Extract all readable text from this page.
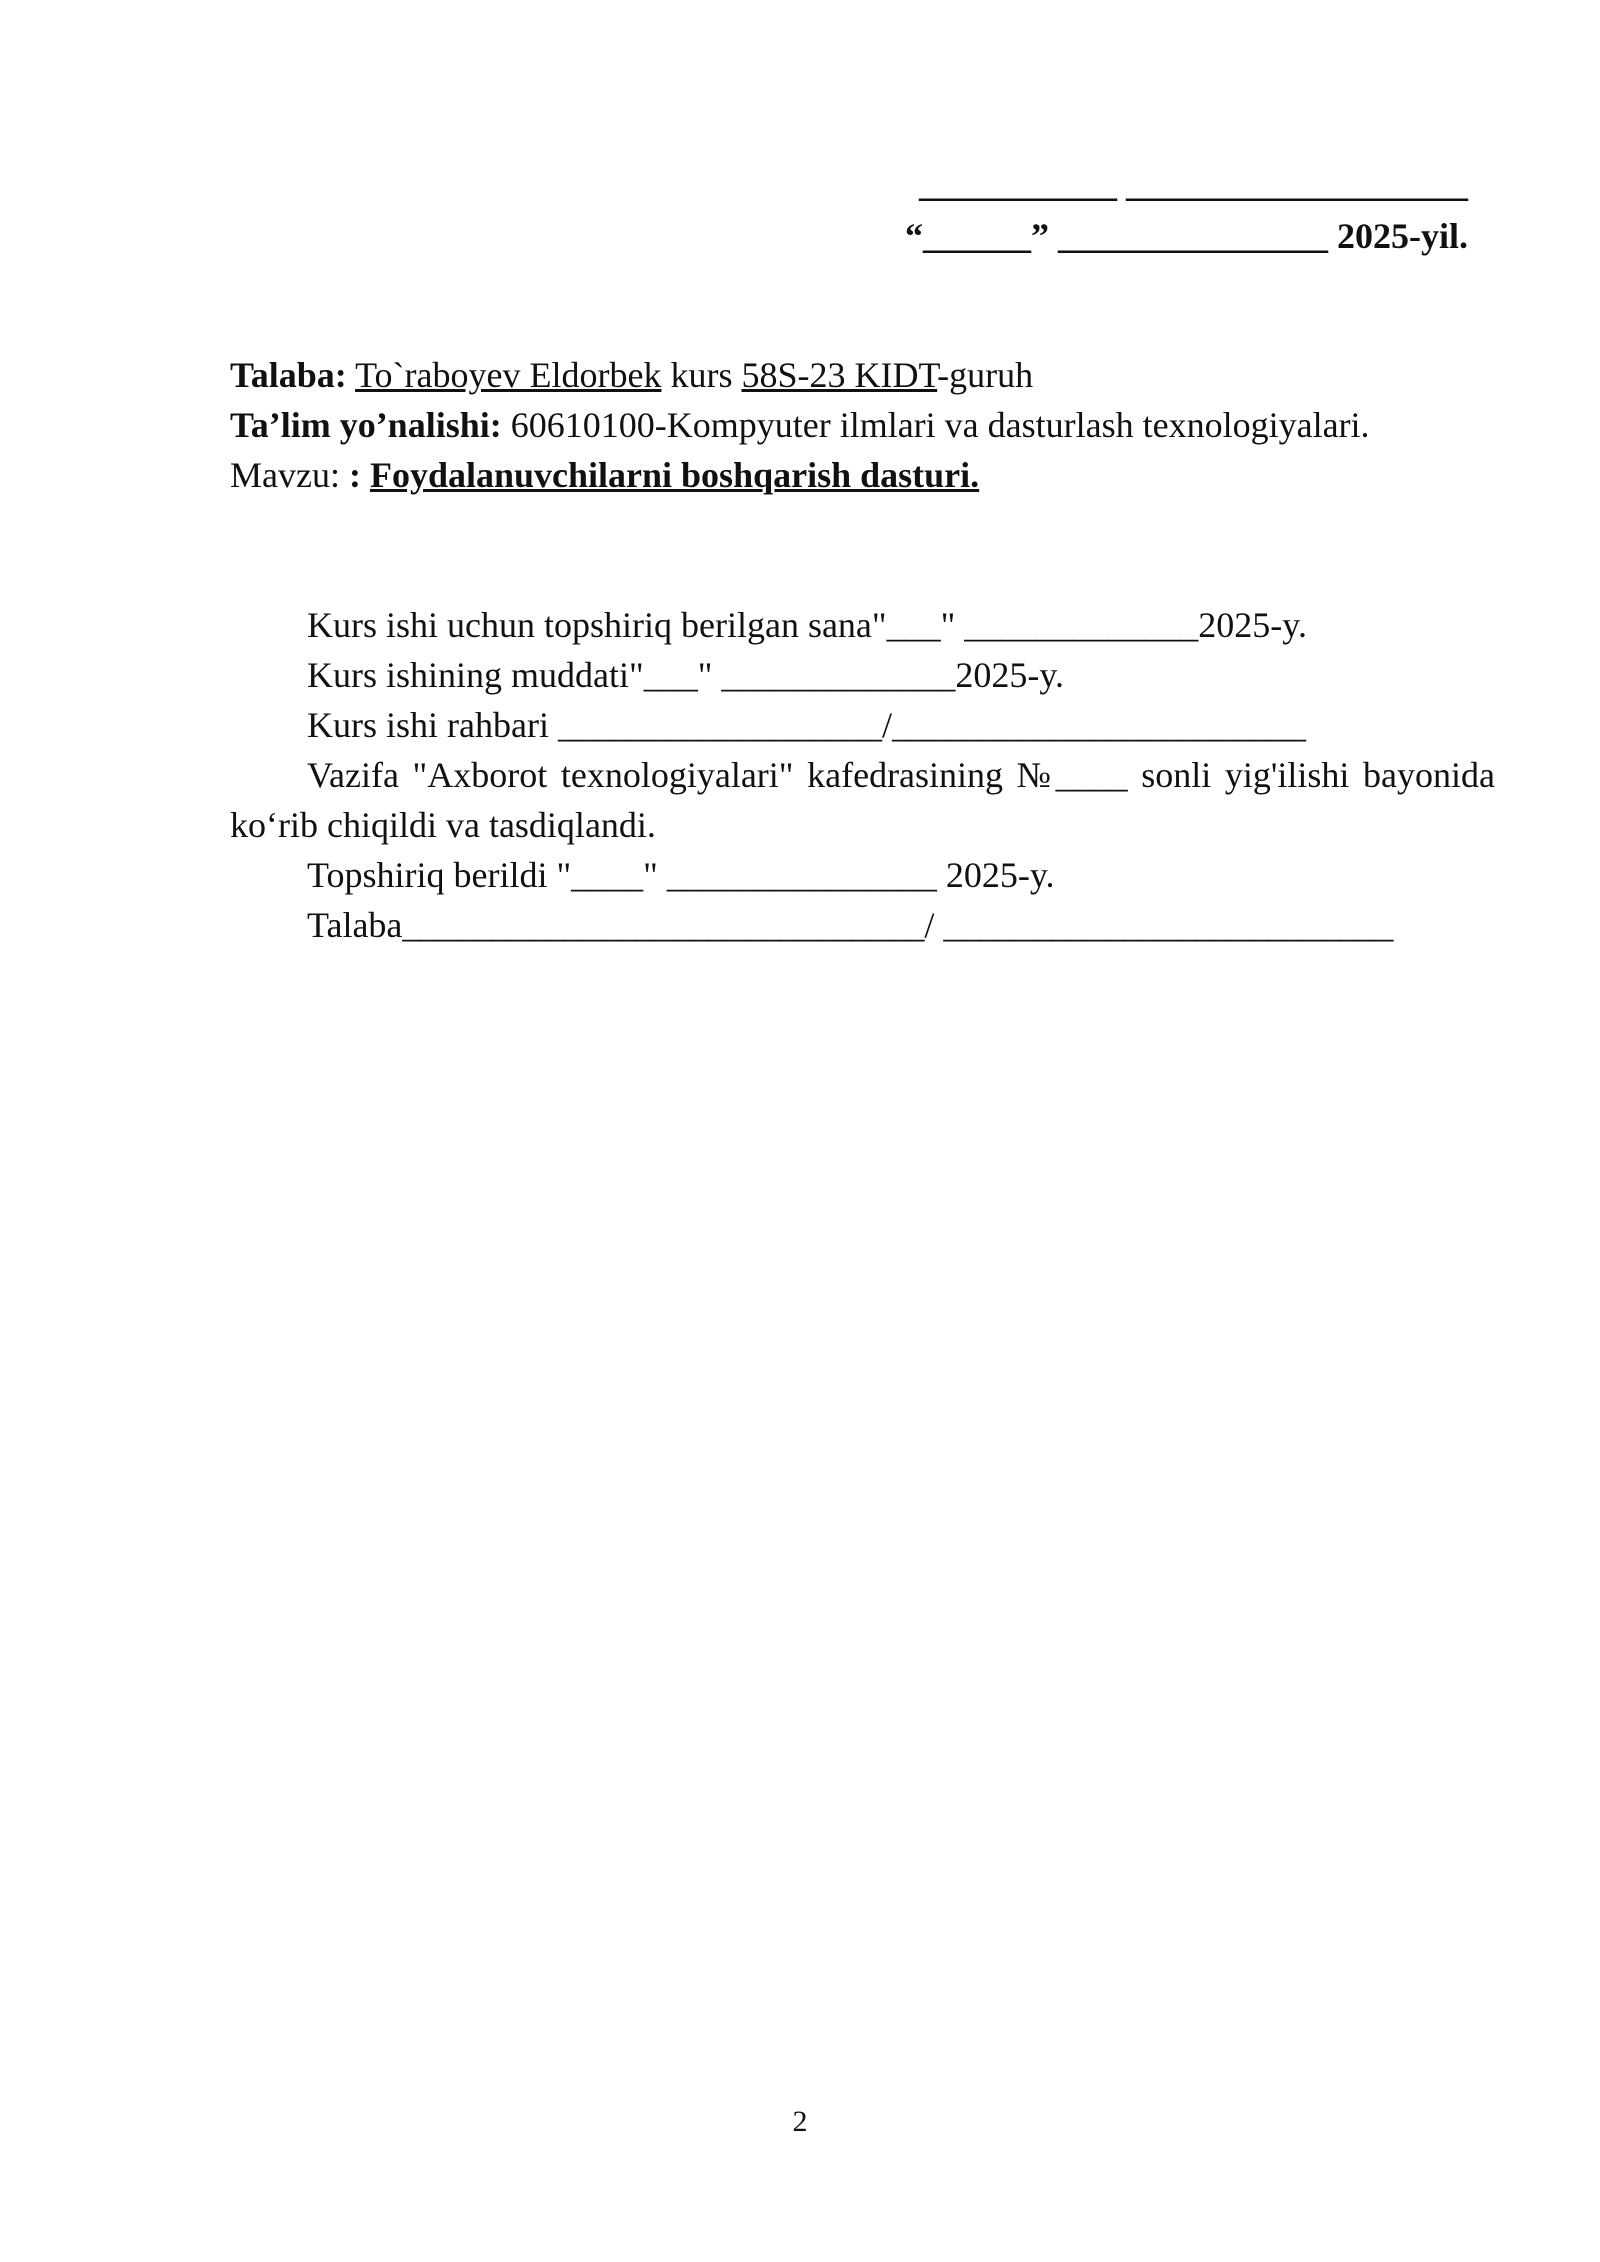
___________ ___________________
“______” _______________ 2025-yil.
Talaba: To`raboyev Eldorbek kurs 58S-23 KIDT-guruh
Ta’lim yo’nalishi: 60610100-Kompyuter ilmlari va dasturlash texnologiyalari.
Mavzu: : Foydalanuvchilarni boshqarish dasturi.

Kurs ishi uchun topshiriq berilgan sana"___" _____________2025-y.

Kurs ishining muddati"___" _____________2025-y.

Kurs ishi rahbari __________________/_______________________

Vazifa "Axborot texnologiyalari" kafedrasining №____ sonli yig'ilishi bayonida ko‘rib chiqildi va tasdiqlandi.

Topshiriq berildi "____" _______________ 2025-y.

Talaba_____________________________/ _________________________

2
